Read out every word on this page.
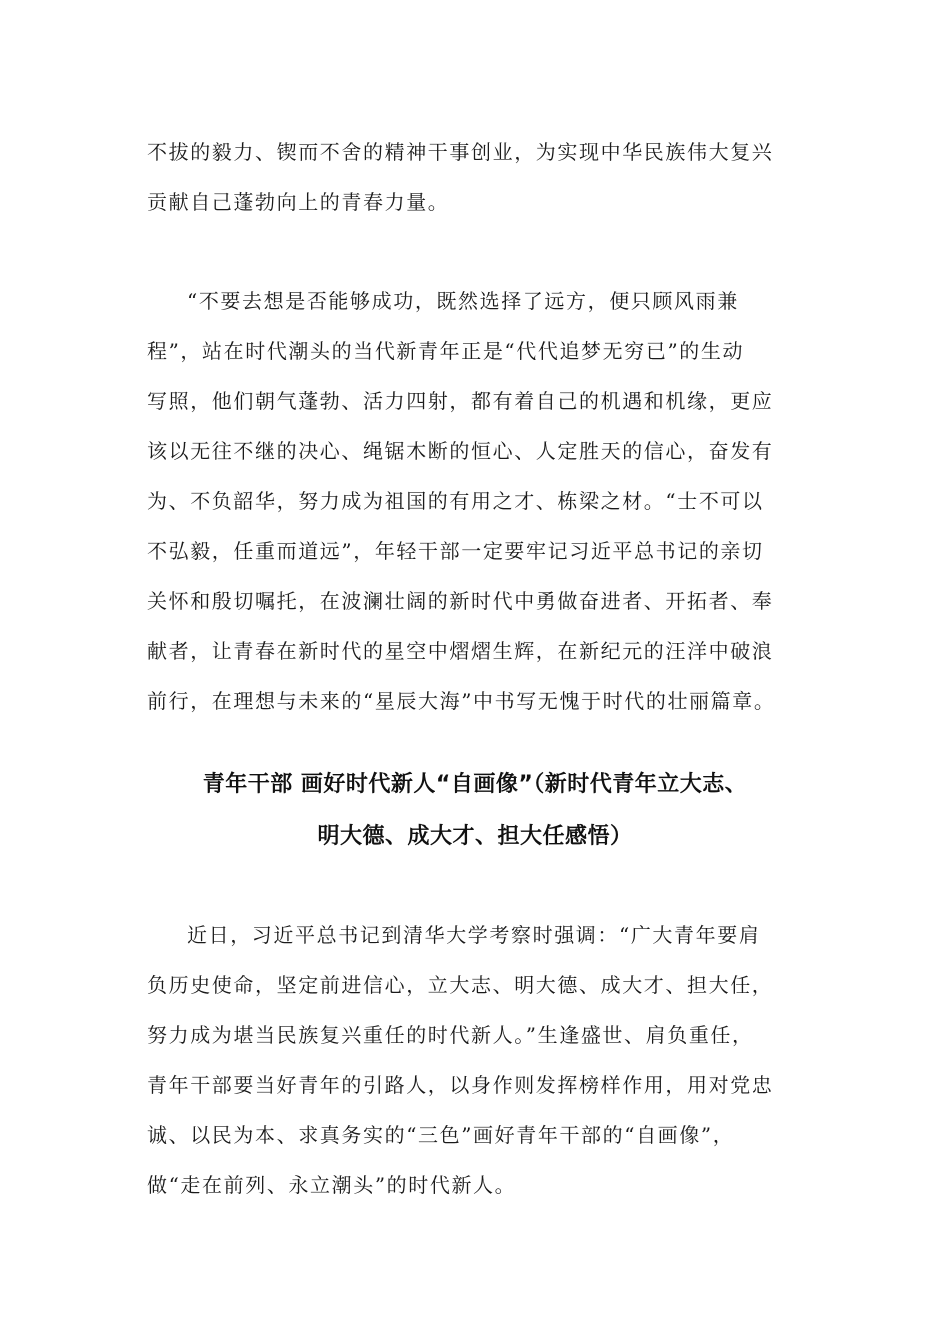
不拔的毅力、锲而不舍的精神干事创业，为实现中华民族伟大复兴
贡献自己蓬勃向上的青春力量。
“不要去想是否能够成功，既然选择了远方，便只顾风雨兼
程”，站在时代潮头的当代新青年正是“代代追梦无穷已”的生动
写照，他们朝气蓬勃、活力四射，都有着自己的机遇和机缘，更应
该以无往不继的决心、绳锯木断的恒心、人定胜天的信心，奋发有
为、不负韶华，努力成为祖国的有用之才、栋梁之材。“士不可以
不弘毅，任重而道远”，年轻干部一定要牢记习近平总书记的亲切
关怀和殷切嘱托，在波澜壮阔的新时代中勇做奋进者、开拓者、奉
献者，让青春在新时代的星空中熠熠生辉，在新纪元的汪洋中破浪
前行，在理想与未来的“星辰大海”中书写无愧于时代的壮丽篇章。
青年干部 画好时代新人“自画像”（新时代青年立大志、
明大德、成大才、担大任感悟）
近日，习近平总书记到清华大学考察时强调：“广大青年要肩
负历史使命，坚定前进信心，立大志、明大德、成大才、担大任，
努力成为堪当民族复兴重任的时代新人。”生逢盛世、肩负重任，
青年干部要当好青年的引路人，以身作则发挥榜样作用，用对党忠
诚、以民为本、求真务实的“三色”画好青年干部的“自画像”，
做“走在前列、永立潮头”的时代新人。
